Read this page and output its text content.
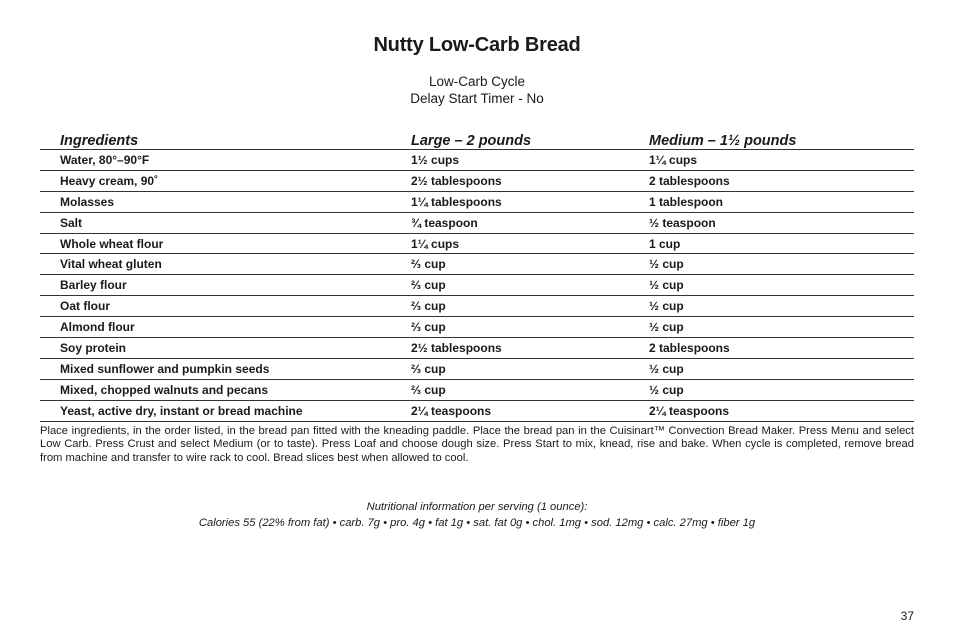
Nutty Low-Carb Bread
Low-Carb Cycle
Delay Start Timer - No
Ingredients	Large – 2 pounds	Medium – 1½ pounds
Water, 80°–90°F	1½ cups	1¼ cups
Heavy cream, 90˚	2½ tablespoons	2 tablespoons
Molasses	1¼ tablespoons	1 tablespoon
Salt	¾ teaspoon	½ teaspoon
Whole wheat flour	1¼ cups	1 cup
Vital wheat gluten	⅔ cup	½ cup
Barley flour	⅔ cup	½ cup
Oat flour	⅔ cup	½ cup
Almond flour	⅔ cup	½ cup
Soy protein	2½ tablespoons	2 tablespoons
Mixed sunflower and pumpkin seeds	⅔ cup	½ cup
Mixed, chopped walnuts and pecans	⅔ cup	½ cup
Yeast, active dry, instant or bread machine	2¼ teaspoons	2¼ teaspoons
Place ingredients, in the order listed, in the bread pan fitted with the kneading paddle. Place the bread pan in the Cuisinart™ Convection Bread Maker. Press Menu and select Low Carb. Press Crust and select Medium (or to taste). Press Loaf and choose dough size. Press Start to mix, knead, rise and bake. When cycle is completed, remove bread from machine and transfer to wire rack to cool. Bread slices best when allowed to cool.
Nutritional information per serving (1 ounce):
Calories 55 (22% from fat) • carb. 7g • pro. 4g • fat 1g • sat. fat 0g • chol. 1mg • sod. 12mg • calc. 27mg • fiber 1g
37
